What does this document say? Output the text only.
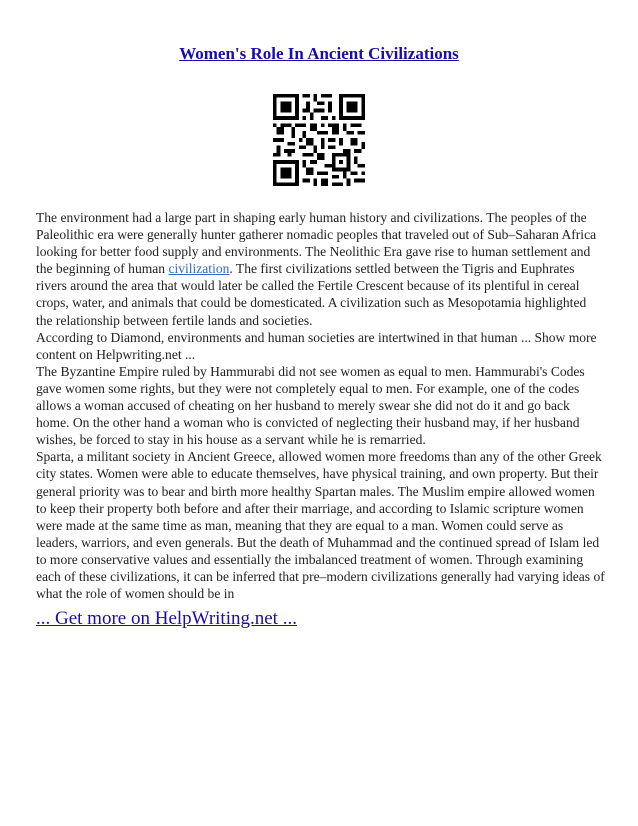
Women's Role In Ancient Civilizations

The environment had a large part in shaping early human history and civilizations. The peoples of the Paleolithic era were generally hunter gatherer nomadic peoples that traveled out of Sub–Saharan Africa looking for better food supply and environments. The Neolithic Era gave rise to human settlement and the beginning of human civilization. The first civilizations settled between the Tigris and Euphrates rivers around the area that would later be called the Fertile Crescent because of its plentiful in cereal crops, water, and animals that could be domesticated. A civilization such as Mesopotamia highlighted the relationship between fertile lands and societies.

According to Diamond, environments and human societies are intertwined in that human ... Show more content on Helpwriting.net ...

The Byzantine Empire ruled by Hammurabi did not see women as equal to men. Hammurabi's Codes gave women some rights, but they were not completely equal to men. For example, one of the codes allows a woman accused of cheating on her husband to merely swear she did not do it and go back home. On the other hand a woman who is convicted of neglecting their husband may, if her husband wishes, be forced to stay in his house as a servant while he is remarried.

Sparta, a militant society in Ancient Greece, allowed women more freedoms than any of the other Greek city states. Women were able to educate themselves, have physical training, and own property. But their general priority was to bear and birth more healthy Spartan males. The Muslim empire allowed women to keep their property both before and after their marriage, and according to Islamic scripture women were made at the same time as man, meaning that they are equal to a man. Women could serve as leaders, warriors, and even generals. But the death of Muhammad and the continued spread of Islam led to more conservative values and essentially the imbalanced treatment of women. Through examining each of these civilizations, it can be inferred that pre–modern civilizations generally had varying ideas of what the role of women should be in

... Get more on HelpWriting.net ...
